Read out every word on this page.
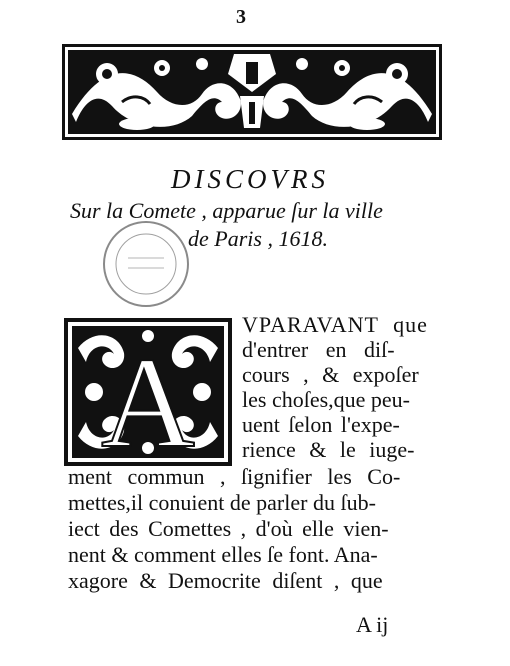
3
DISCOVRS
Sur la Comete , apparue ſur la ville
de Paris , 1618.
A
VPARAVANT que
d'entrer en diſ-
cours , & expoſer
les choſes,que peu-
uent ſelon l'expe-
rience & le iuge-
ment commun , ſignifier les Co-
mettes,il conuient de parler du ſub-
iect des Comettes , d'où elle vien-
nent & comment elles ſe font. Ana-
xagore & Democrite diſent , que
A ij
